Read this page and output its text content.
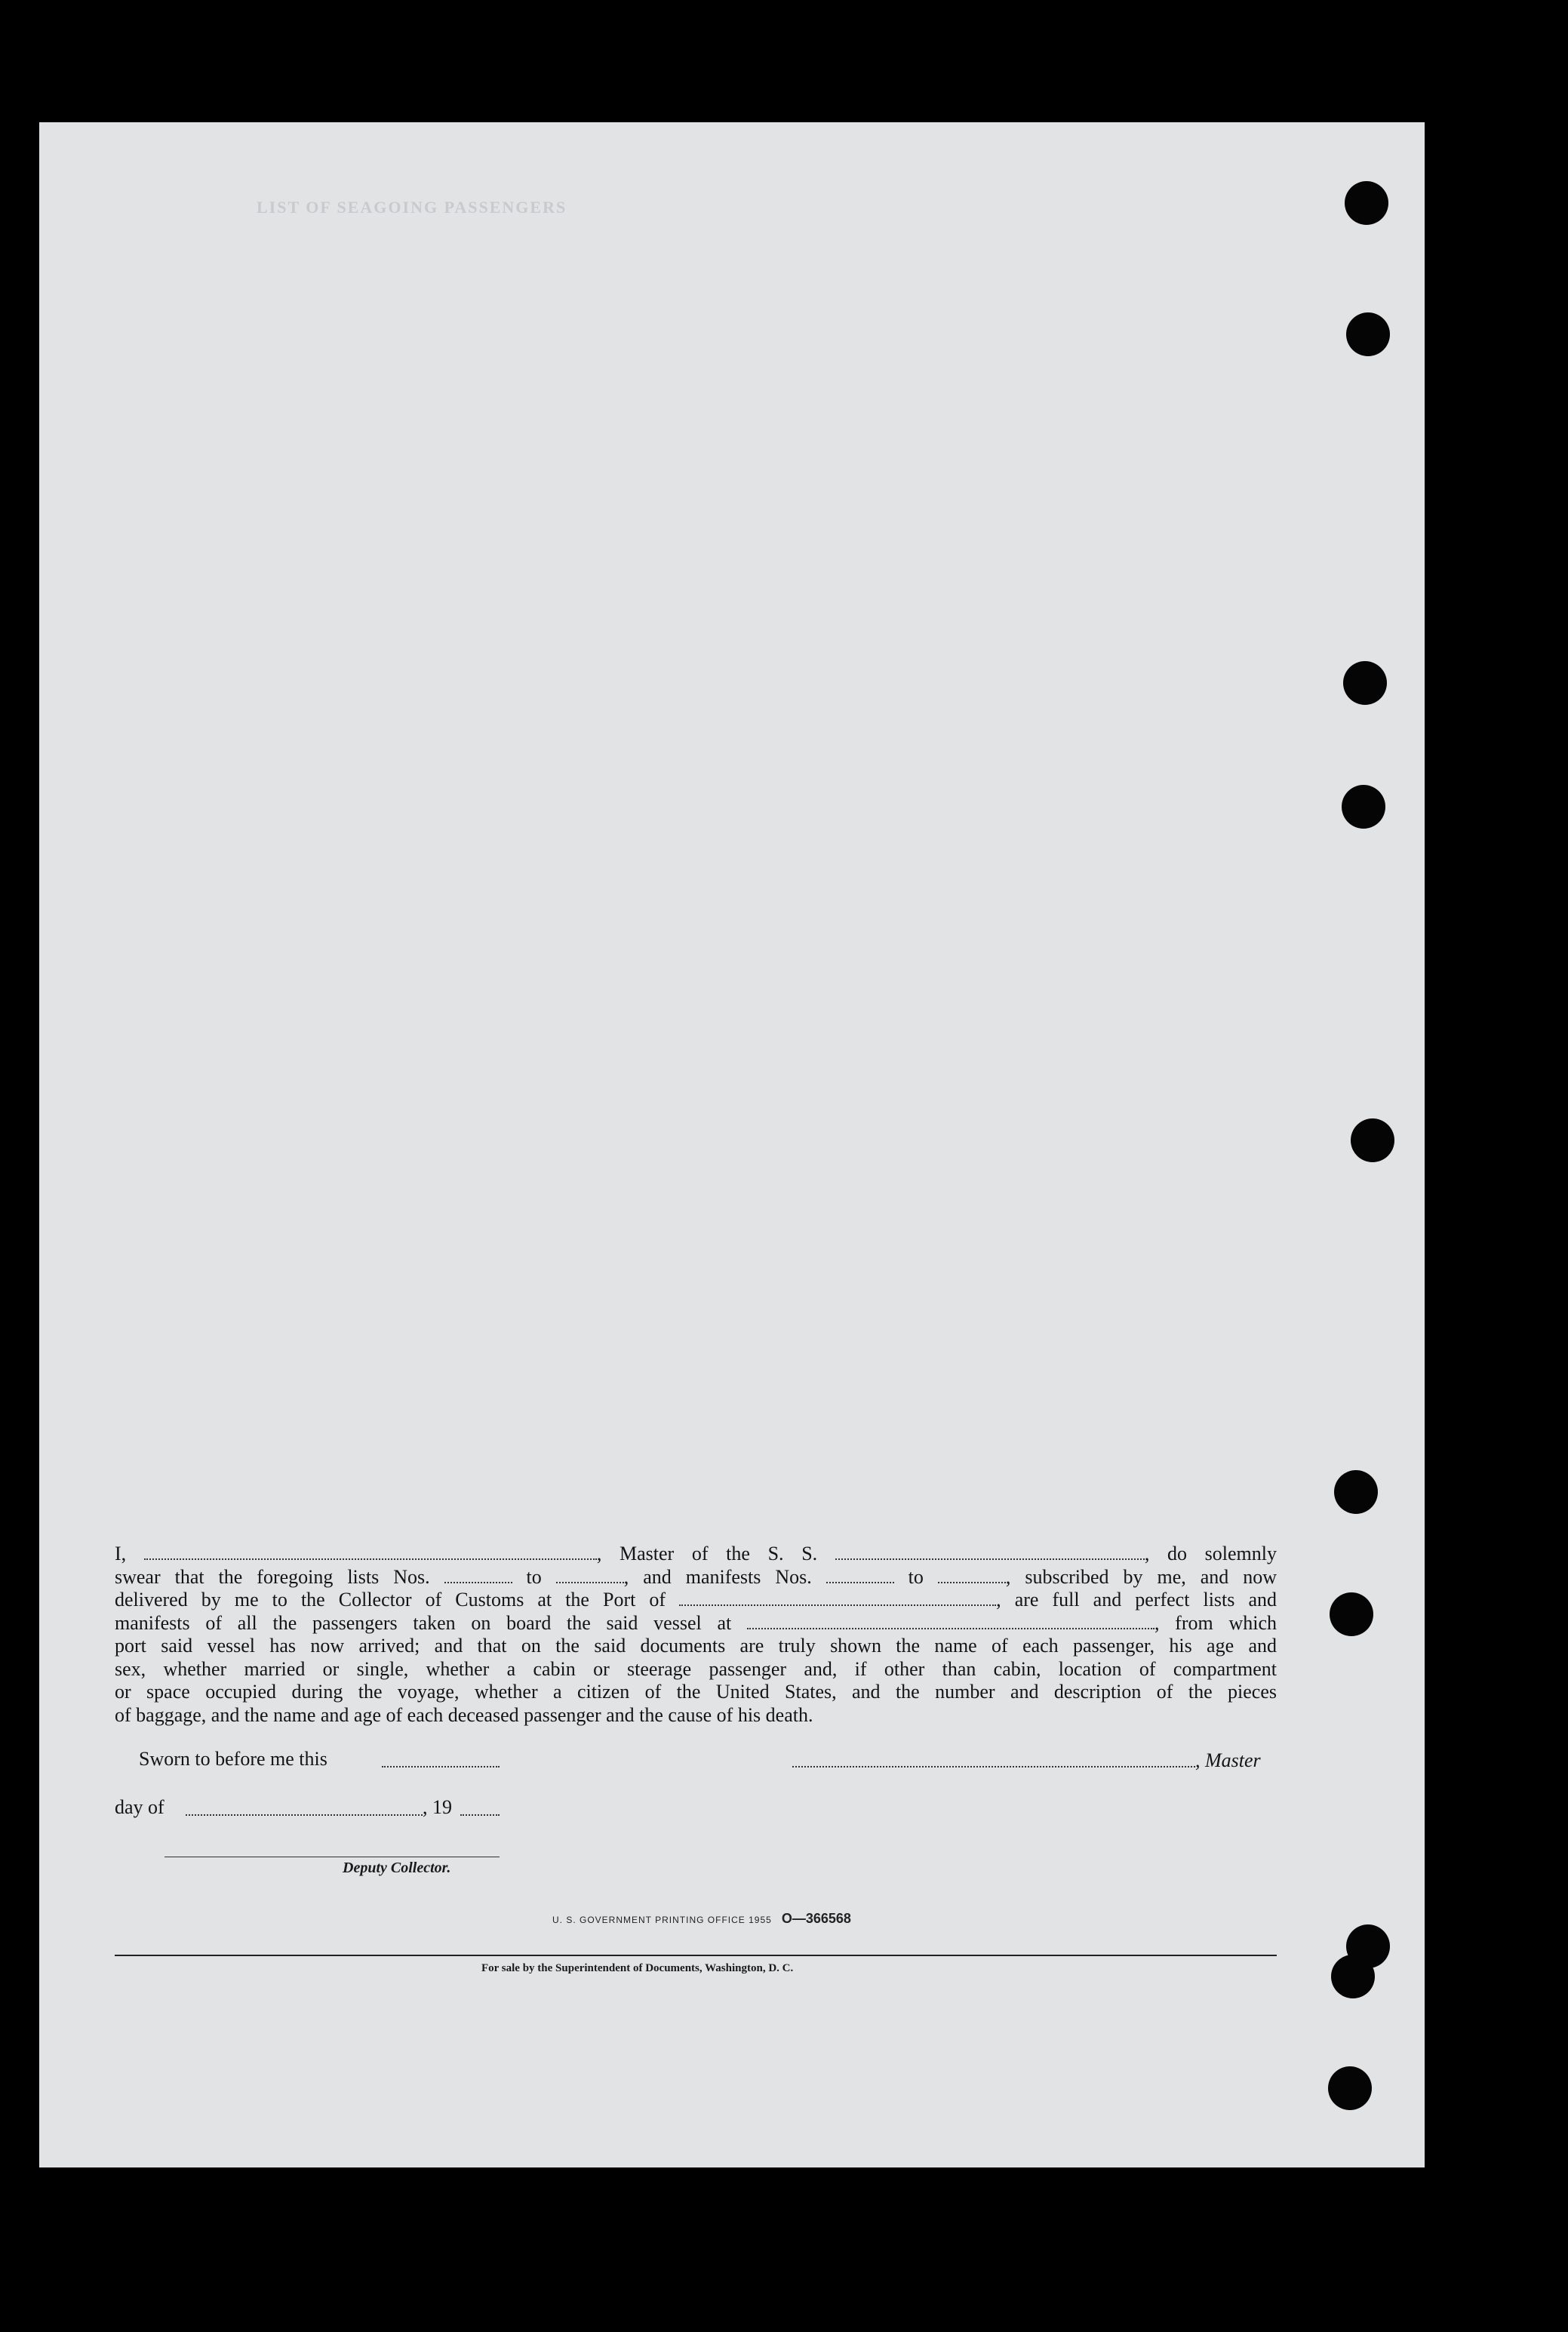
LIST OF SEAGOING PASSENGERS
I,	, Master of the S. S.	, do solemnly
swear that the foregoing lists Nos.	to	, and manifests Nos.	to	, subscribed by me, and now
delivered by me to the Collector of Customs at the Port of	, are full and perfect lists and
manifests of all the passengers taken on board the said vessel at	, from which
port said vessel has now arrived; and that on the said documents are truly shown the name of each passenger, his age and
sex, whether married or single, whether a cabin or steerage passenger and, if other than cabin, location of compartment
or space occupied during the voyage, whether a citizen of the United States, and the number and description of the pieces
of baggage, and the name and age of each deceased passenger and the cause of his death.
Sworn to before me this	, Master
day of	, 19
Deputy Collector.
U. S. GOVERNMENT PRINTING OFFICE 1955 O—366568
For sale by the Superintendent of Documents, Washington, D. C.
